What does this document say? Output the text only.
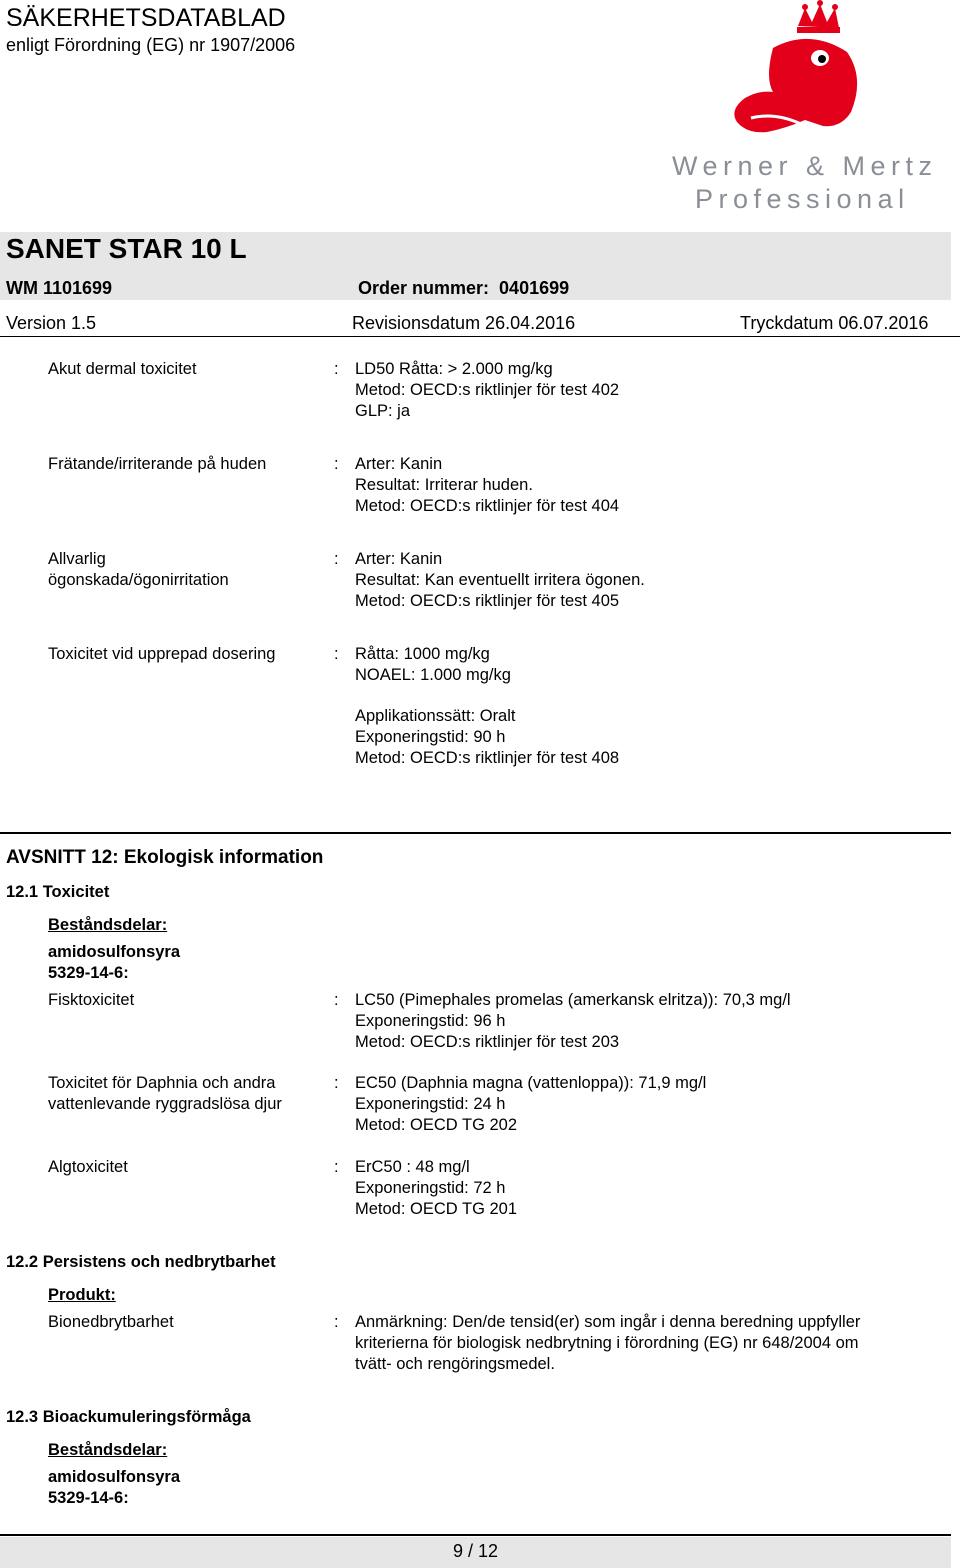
SÄKERHETSDATABLAD
enligt Förordning (EG) nr 1907/2006
Werner & Mertz
Professional
SANET STAR 10 L
WM 1101699	Order nummer: 0401699
Version 1.5	Revisionsdatum 26.04.2016	Tryckdatum 06.07.2016
Akut dermal toxicitet	: LD50 Råtta: > 2.000 mg/kg
Metod: OECD:s riktlinjer för test 402
GLP: ja
Frätande/irriterande på huden	: Arter: Kanin
Resultat: Irriterar huden.
Metod: OECD:s riktlinjer för test 404
Allvarlig
ögonskada/ögonirritation
: Arter: Kanin
Resultat: Kan eventuellt irritera ögonen.
Metod: OECD:s riktlinjer för test 405
Toxicitet vid upprepad dosering	: Råtta: 1000 mg/kg
NOAEL: 1.000 mg/kg
Applikationssätt: Oralt
Exponeringstid: 90 h
Metod: OECD:s riktlinjer för test 408
AVSNITT 12: Ekologisk information
12.1 Toxicitet
Beståndsdelar:
amidosulfonsyra
5329-14-6:
Fisktoxicitet	: LC50 (Pimephales promelas (amerkansk elritza)): 70,3 mg/l
Exponeringstid: 96 h
Metod: OECD:s riktlinjer för test 203
Toxicitet för Daphnia och andra
vattenlevande ryggradslösa djur
: EC50 (Daphnia magna (vattenloppa)): 71,9 mg/l
Exponeringstid: 24 h
Metod: OECD TG 202
Algtoxicitet	: ErC50 : 48 mg/l
Exponeringstid: 72 h
Metod: OECD TG 201
12.2 Persistens och nedbrytbarhet
Produkt:
Bionedbrytbarhet	: Anmärkning: Den/de tensid(er) som ingår i denna beredning uppfyller
kriterierna för biologisk nedbrytning i förordning (EG) nr 648/2004 om
tvätt- och rengöringsmedel.
12.3 Bioackumuleringsförmåga
Beståndsdelar:
amidosulfonsyra
5329-14-6:
9 / 12
